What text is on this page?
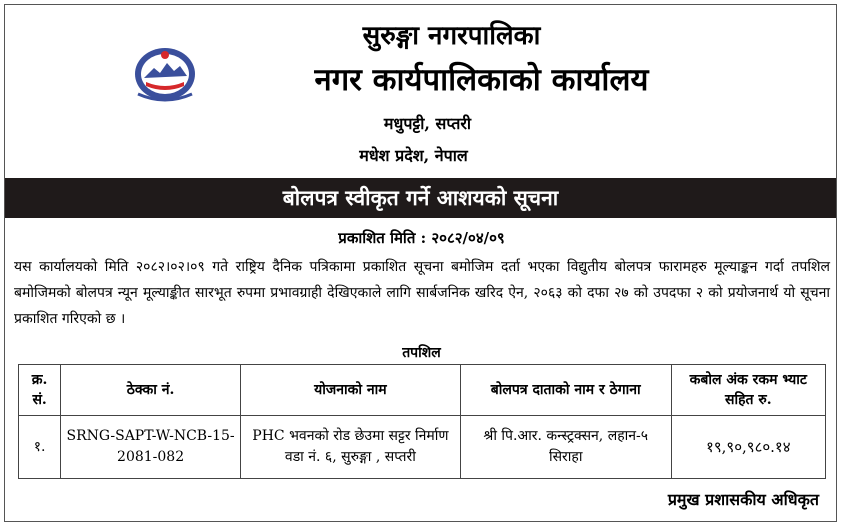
सुरुङ्गा नगरपालिका
नगर कार्यपालिकाको कार्यालय
मधुपट्टी, सप्तरी
मधेश प्रदेश, नेपाल
बोलपत्र स्वीकृत गर्ने आशयको सूचना
प्रकाशित मिति : २०८२/०४/०९
यस कार्यालयको मिति २०८२।०२।०९ गते राष्ट्रिय दैनिक पत्रिकामा प्रकाशित सूचना बमोजिम दर्ता भएका विद्युतीय बोलपत्र फारामहरु मूल्याङ्कन गर्दा तपशिल बमोजिमको बोलपत्र न्यून मूल्याङ्कीत सारभूत रुपमा प्रभावग्राही देखिएकाले लागि सार्बजनिक खरिद ऐन, २०६३ को दफा २७ को उपदफा २ को प्रयोजनार्थ यो सूचना प्रकाशित गरिएको छ ।
तपशिल
क्र. सं.	ठेक्का नं.	योजनाको नाम	बोलपत्र दाताको नाम र ठेगाना	कबोल अंक रकम भ्याट सहित रु.
१.	SRNG-SAPT-W-NCB-15-2081-082	PHC भवनको रोड छेउमा सट्टर निर्माण वडा नं. ६, सुरुङ्गा , सप्तरी	श्री पि.आर. कन्स्ट्रक्सन, लहान-५ सिराहा	१९,९०,९८०.१४
प्रमुख प्रशासकीय अधिकृत
